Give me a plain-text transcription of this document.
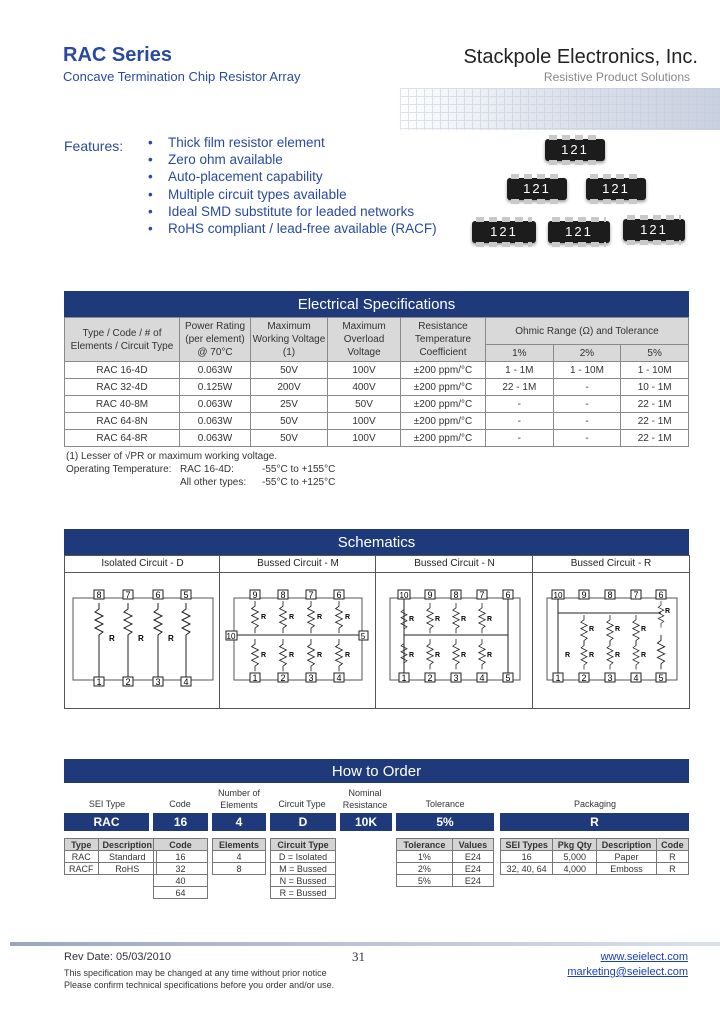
RAC Series
Concave Termination Chip Resistor Array
Stackpole Electronics, Inc.
Resistive Product Solutions
Features:	• Thick film resistor element
• Zero ohm available
• Auto-placement capability
• Multiple circuit types available
• Ideal SMD substitute for leaded networks
• RoHS compliant / lead-free available (RACF)
121
121	121
121	121	121
Electrical Specifications
Type / Code / # of Elements / Circuit Type	Power Rating (per element) @ 70°C	Maximum Working Voltage (1)	Maximum Overload Voltage	Resistance Temperature Coefficient	Ohmic Range (Ω) and Tolerance		
					1%	2%	5%
RAC 16-4D	0.063W	50V	100V	±200 ppm/°C	1 - 1M	1 - 10M	1 - 10M
RAC 32-4D	0.125W	200V	400V	±200 ppm/°C	22 - 1M	-	10 - 1M
RAC 40-8M	0.063W	25V	50V	±200 ppm/°C	-	-	22 - 1M
RAC 64-8N	0.063W	50V	100V	±200 ppm/°C	-	-	22 - 1M
RAC 64-8R	0.063W	50V	100V	±200 ppm/°C	-	-	22 - 1M
(1) Lesser of √PR or maximum working voltage.
Operating Temperature: RAC 16-4D:	-55°C to +155°C
All other types: -55°C to +125°C
Schematics
Isolated Circuit - D
8	7	6	5
R	R	R
1	2	3	4
Bussed Circuit - M
9	8	7	6
10	5
R	R	R	R
R	R	R	R
1	2	3	4
Bussed Circuit - N
10 9 8 7 6
R	R	R	R
R	R	R	R
1 2 3 4 5
Bussed Circuit - R
10 9 8 7 6
R	R	R
R
R	R	R	R
1 2 3 4 5
How to Order
SEI Type	Code
Number of Elements	Circuit Type
Nominal Resistance	Tolerance	Packaging
RAC	16	4	D	10K	5%	R
Type	Description
RAC	Standard
RACF	RoHS
Code
16
32
40
64
Elements
4
8
Circuit Type
D = Isolated
M = Bussed
N = Bussed
R = Bussed
Tolerance	Values
1%	E24
2%	E24
5%	E24
SEI Types	Pkg Qty	Description	Code
16	5,000	Paper	R
32, 40, 64	4,000	Emboss	R
Rev Date: 05/03/2010	31	www.seielect.com
marketing@seielect.com
This specification may be changed at any time without prior notice
Please confirm technical specifications before you order and/or use.
